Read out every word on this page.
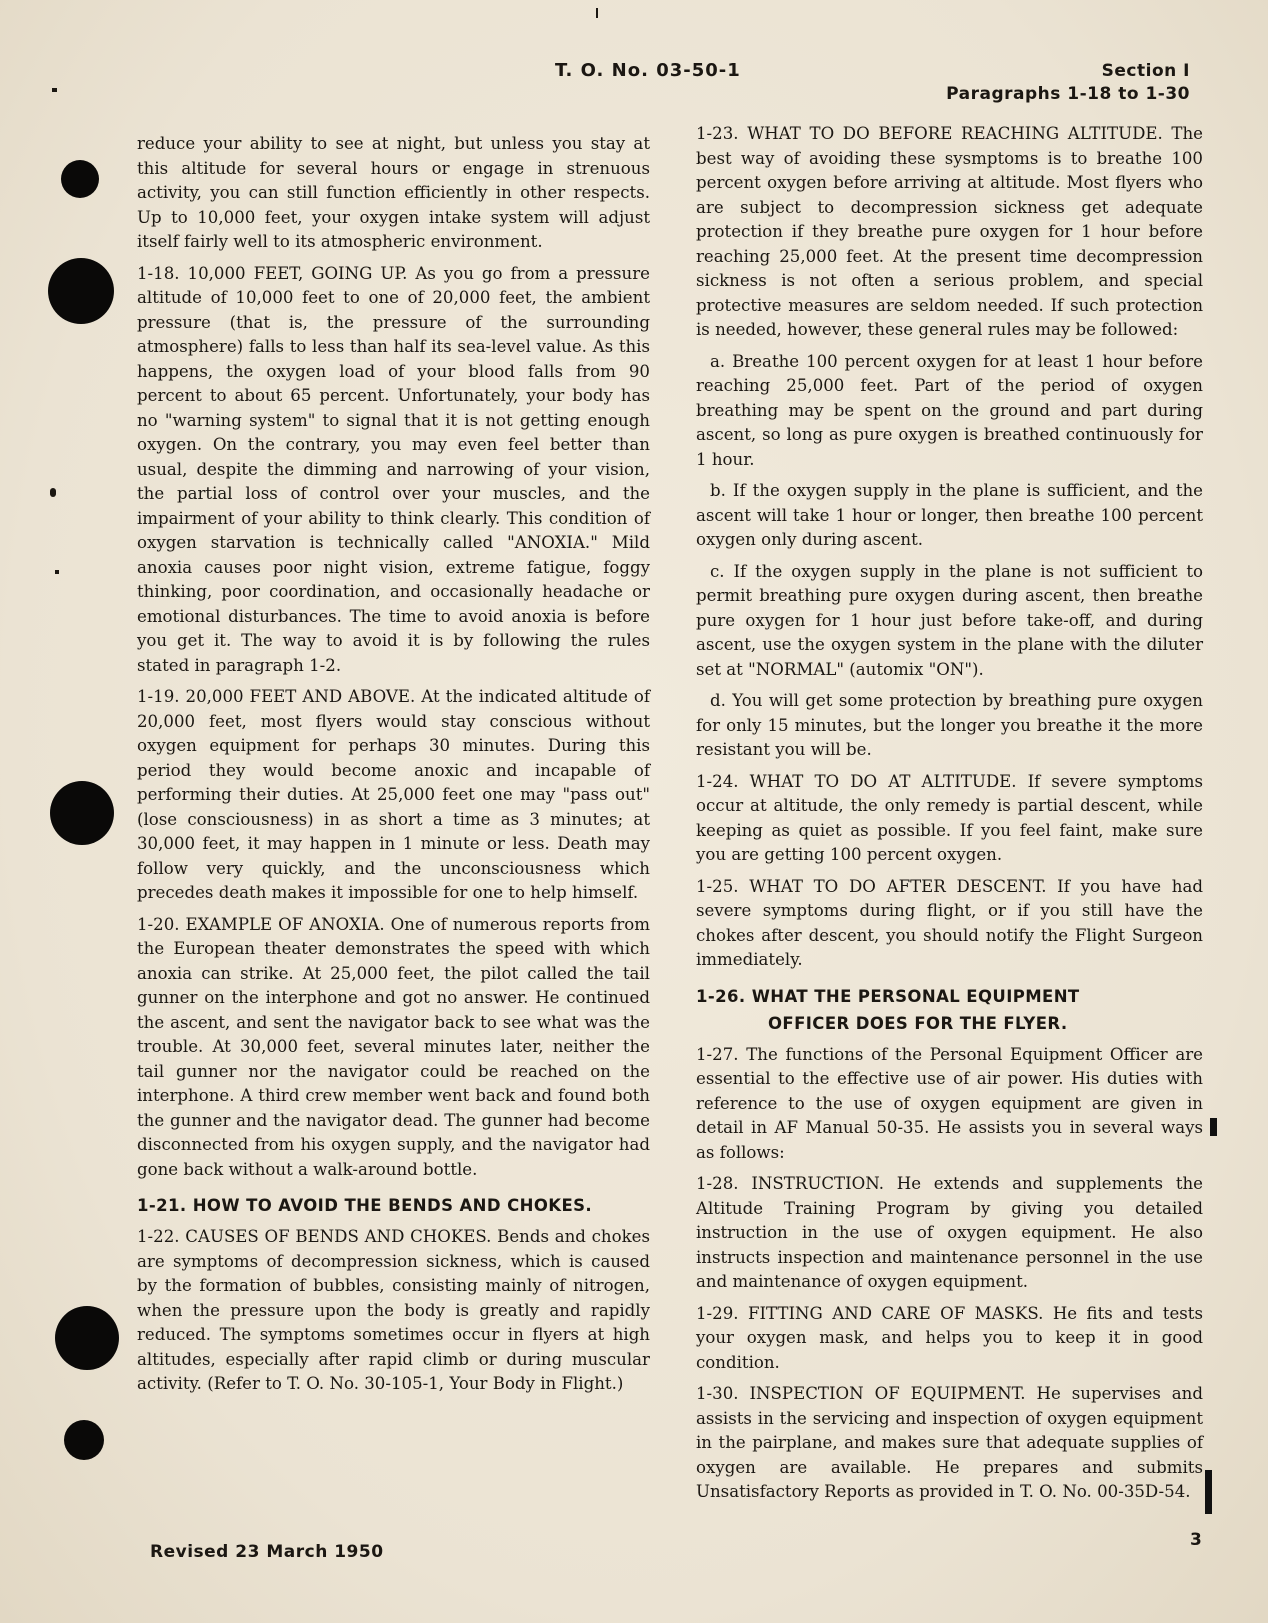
T. O. No. 03-50-1	Section I
Paragraphs 1-18 to 1-30

reduce your ability to see at night, but unless you stay at this altitude for several hours or engage in strenuous activity, you can still function efficiently in other respects. Up to 10,000 feet, your oxygen intake system will adjust itself fairly well to its atmospheric environment.

1-18. 10,000 FEET, GOING UP. As you go from a pressure altitude of 10,000 feet to one of 20,000 feet, the ambient pressure (that is, the pressure of the surrounding atmosphere) falls to less than half its sea-level value. As this happens, the oxygen load of your blood falls from 90 percent to about 65 percent. Unfortunately, your body has no "warning system" to signal that it is not getting enough oxygen. On the contrary, you may even feel better than usual, despite the dimming and narrowing of your vision, the partial loss of control over your muscles, and the impairment of your ability to think clearly. This condition of oxygen starvation is technically called "ANOXIA." Mild anoxia causes poor night vision, extreme fatigue, foggy thinking, poor coordination, and occasionally headache or emotional disturbances. The time to avoid anoxia is before you get it. The way to avoid it is by following the rules stated in paragraph 1-2.

1-19. 20,000 FEET AND ABOVE. At the indicated altitude of 20,000 feet, most flyers would stay conscious without oxygen equipment for perhaps 30 minutes. During this period they would become anoxic and incapable of performing their duties. At 25,000 feet one may "pass out" (lose consciousness) in as short a time as 3 minutes; at 30,000 feet, it may happen in 1 minute or less. Death may follow very quickly, and the unconsciousness which precedes death makes it impossible for one to help himself.

1-20. EXAMPLE OF ANOXIA. One of numerous reports from the European theater demonstrates the speed with which anoxia can strike. At 25,000 feet, the pilot called the tail gunner on the interphone and got no answer. He continued the ascent, and sent the navigator back to see what was the trouble. At 30,000 feet, several minutes later, neither the tail gunner nor the navigator could be reached on the interphone. A third crew member went back and found both the gunner and the navigator dead. The gunner had become disconnected from his oxygen supply, and the navigator had gone back without a walk-around bottle.

1-21. HOW TO AVOID THE BENDS AND CHOKES.

1-22. CAUSES OF BENDS AND CHOKES. Bends and chokes are symptoms of decompression sickness, which is caused by the formation of bubbles, consisting mainly of nitrogen, when the pressure upon the body is greatly and rapidly reduced. The symptoms sometimes occur in flyers at high altitudes, especially after rapid climb or during muscular activity. (Refer to T. O. No. 30-105-1, Your Body in Flight.)

1-23. WHAT TO DO BEFORE REACHING ALTITUDE. The best way of avoiding these sysmptoms is to breathe 100 percent oxygen before arriving at altitude. Most flyers who are subject to decompression sickness get adequate protection if they breathe pure oxygen for 1 hour before reaching 25,000 feet. At the present time decompression sickness is not often a serious problem, and special protective measures are seldom needed. If such protection is needed, however, these general rules may be followed:

a. Breathe 100 percent oxygen for at least 1 hour before reaching 25,000 feet. Part of the period of oxygen breathing may be spent on the ground and part during ascent, so long as pure oxygen is breathed continuously for 1 hour.

b. If the oxygen supply in the plane is sufficient, and the ascent will take 1 hour or longer, then breathe 100 percent oxygen only during ascent.

c. If the oxygen supply in the plane is not sufficient to permit breathing pure oxygen during ascent, then breathe pure oxygen for 1 hour just before take-off, and during ascent, use the oxygen system in the plane with the diluter set at "NORMAL" (automix "ON").

d. You will get some protection by breathing pure oxygen for only 15 minutes, but the longer you breathe it the more resistant you will be.

1-24. WHAT TO DO AT ALTITUDE. If severe symptoms occur at altitude, the only remedy is partial descent, while keeping as quiet as possible. If you feel faint, make sure you are getting 100 percent oxygen.

1-25. WHAT TO DO AFTER DESCENT. If you have had severe symptoms during flight, or if you still have the chokes after descent, you should notify the Flight Surgeon immediately.

1-26. WHAT THE PERSONAL EQUIPMENT
OFFICER DOES FOR THE FLYER.

1-27. The functions of the Personal Equipment Officer are essential to the effective use of air power. His duties with reference to the use of oxygen equipment are given in detail in AF Manual 50-35. He assists you in several ways as follows:

1-28. INSTRUCTION. He extends and supplements the Altitude Training Program by giving you detailed instruction in the use of oxygen equipment. He also instructs inspection and maintenance personnel in the use and maintenance of oxygen equipment.

1-29. FITTING AND CARE OF MASKS. He fits and tests your oxygen mask, and helps you to keep it in good condition.

1-30. INSPECTION OF EQUIPMENT. He supervises and assists in the servicing and inspection of oxygen equipment in the pairplane, and makes sure that adequate supplies of oxygen are available. He prepares and submits Unsatisfactory Reports as provided in T. O. No. 00-35D-54.

Revised 23 March 1950
3
